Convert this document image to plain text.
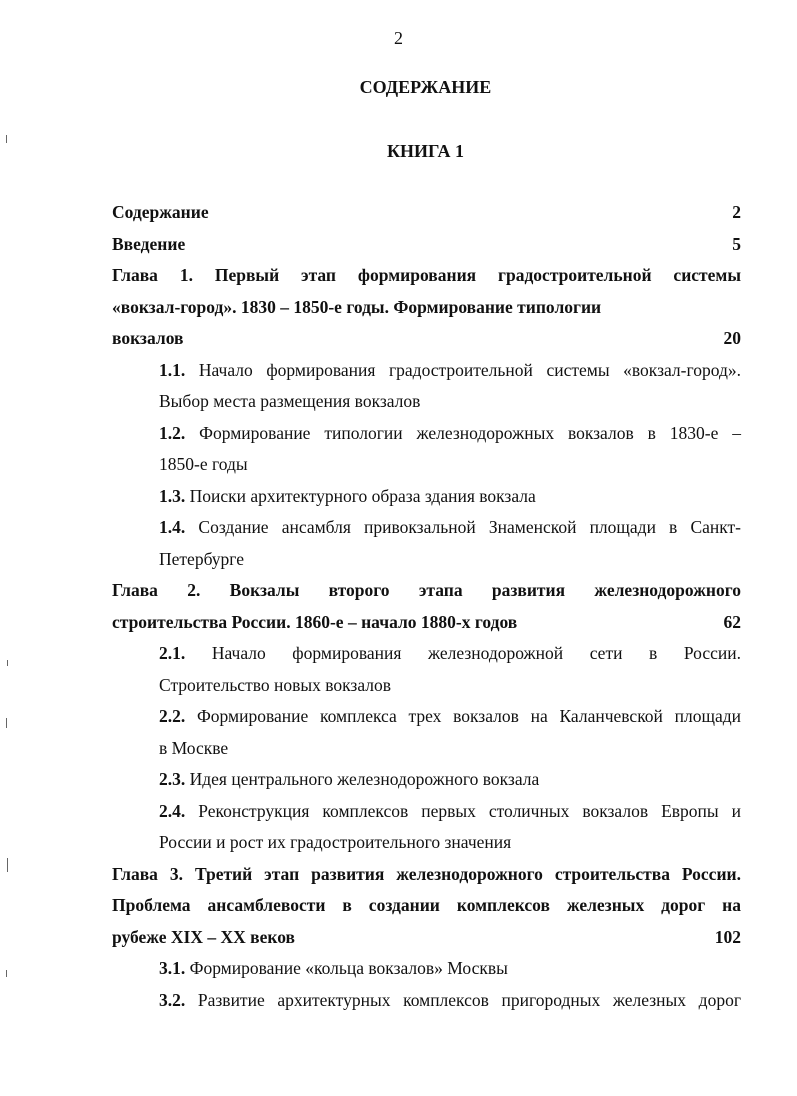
2
СОДЕРЖАНИЕ
КНИГА 1
Содержание	2
Введение	5
Глава 1. Первый этап формирования градостроительной системы
«вокзал-город». 1830 – 1850-е годы. Формирование типологии
вокзалов	20
1.1. Начало формирования градостроительной системы «вокзал-город».
Выбор места размещения вокзалов
1.2. Формирование типологии железнодорожных вокзалов в 1830-е –
1850-е годы
1.3. Поиски архитектурного образа здания вокзала
1.4. Создание ансамбля привокзальной Знаменской площади в Санкт-
Петербурге
Глава 2. Вокзалы второго этапа развития железнодорожного
строительства России. 1860-е – начало 1880-х годов	62
2.1. Начало формирования железнодорожной сети в России.
Строительство новых вокзалов
2.2. Формирование комплекса трех вокзалов на Каланчевской площади
в Москве
2.3. Идея центрального железнодорожного вокзала
2.4. Реконструкция комплексов первых столичных вокзалов Европы и
России и рост их градостроительного значения
Глава 3. Третий этап развития железнодорожного строительства России.
Проблема ансамблевости в создании комплексов железных дорог на
рубеже XIX – XX веков	102
3.1. Формирование «кольца вокзалов» Москвы
3.2. Развитие архитектурных комплексов пригородных железных дорог
